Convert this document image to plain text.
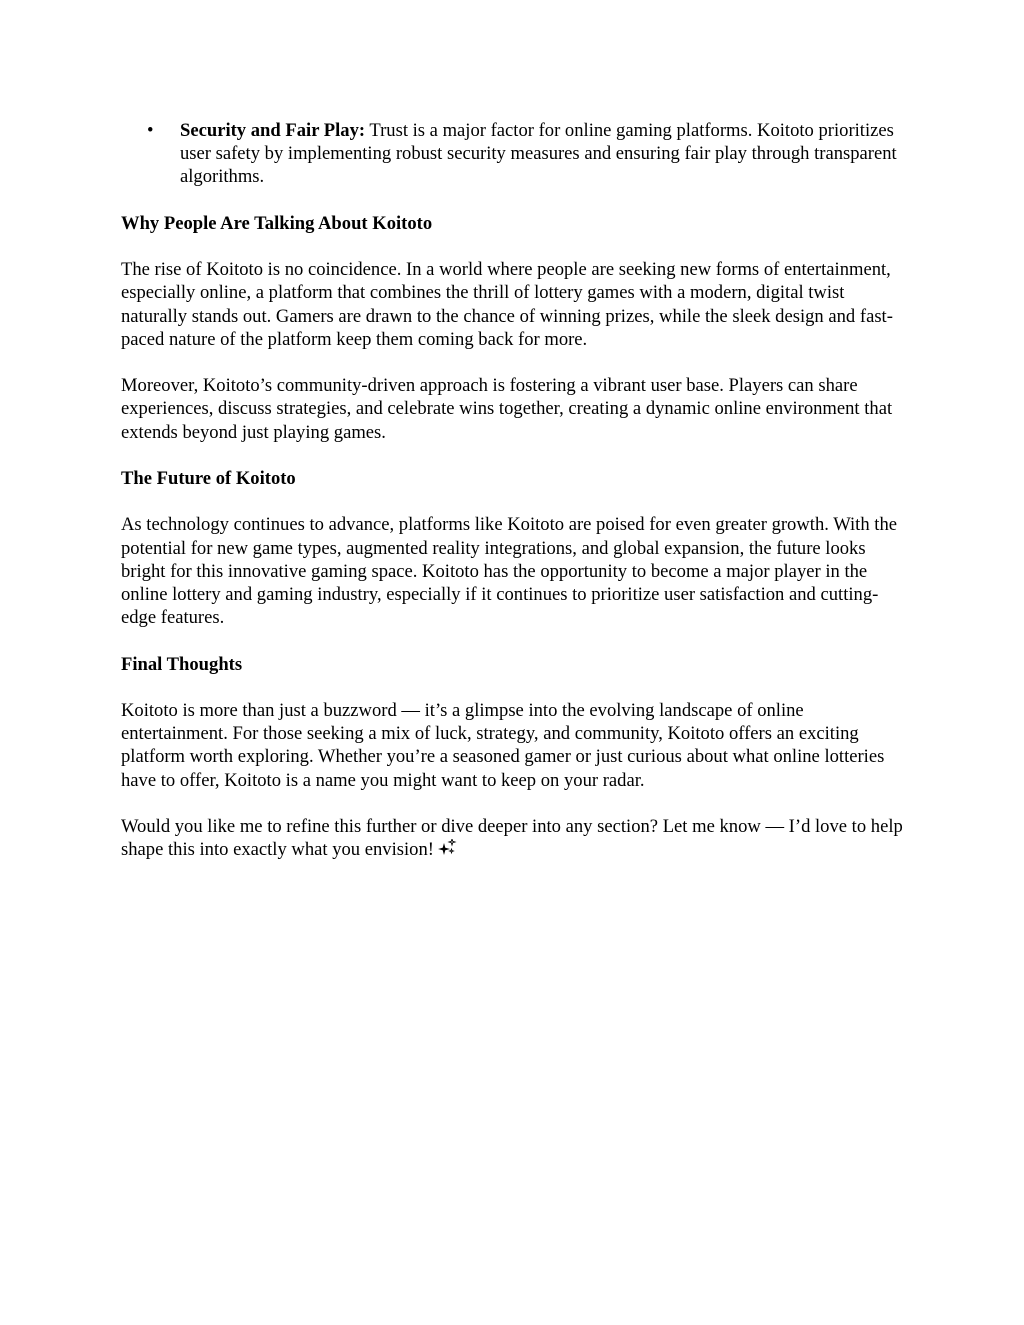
• Security and Fair Play: Trust is a major factor for online gaming platforms. Koitoto prioritizes user safety by implementing robust security measures and ensuring fair play through transparent algorithms.
Why People Are Talking About Koitoto

The rise of Koitoto is no coincidence. In a world where people are seeking new forms of entertainment, especially online, a platform that combines the thrill of lottery games with a modern, digital twist naturally stands out. Gamers are drawn to the chance of winning prizes, while the sleek design and fast-paced nature of the platform keep them coming back for more.

Moreover, Koitoto’s community-driven approach is fostering a vibrant user base. Players can share experiences, discuss strategies, and celebrate wins together, creating a dynamic online environment that extends beyond just playing games.

The Future of Koitoto

As technology continues to advance, platforms like Koitoto are poised for even greater growth. With the potential for new game types, augmented reality integrations, and global expansion, the future looks bright for this innovative gaming space. Koitoto has the opportunity to become a major player in the online lottery and gaming industry, especially if it continues to prioritize user satisfaction and cutting-edge features.

Final Thoughts

Koitoto is more than just a buzzword — it’s a glimpse into the evolving landscape of online entertainment. For those seeking a mix of luck, strategy, and community, Koitoto offers an exciting platform worth exploring. Whether you’re a seasoned gamer or just curious about what online lotteries have to offer, Koitoto is a name you might want to keep on your radar.

Would you like me to refine this further or dive deeper into any section? Let me know — I’d love to help shape this into exactly what you envision!
